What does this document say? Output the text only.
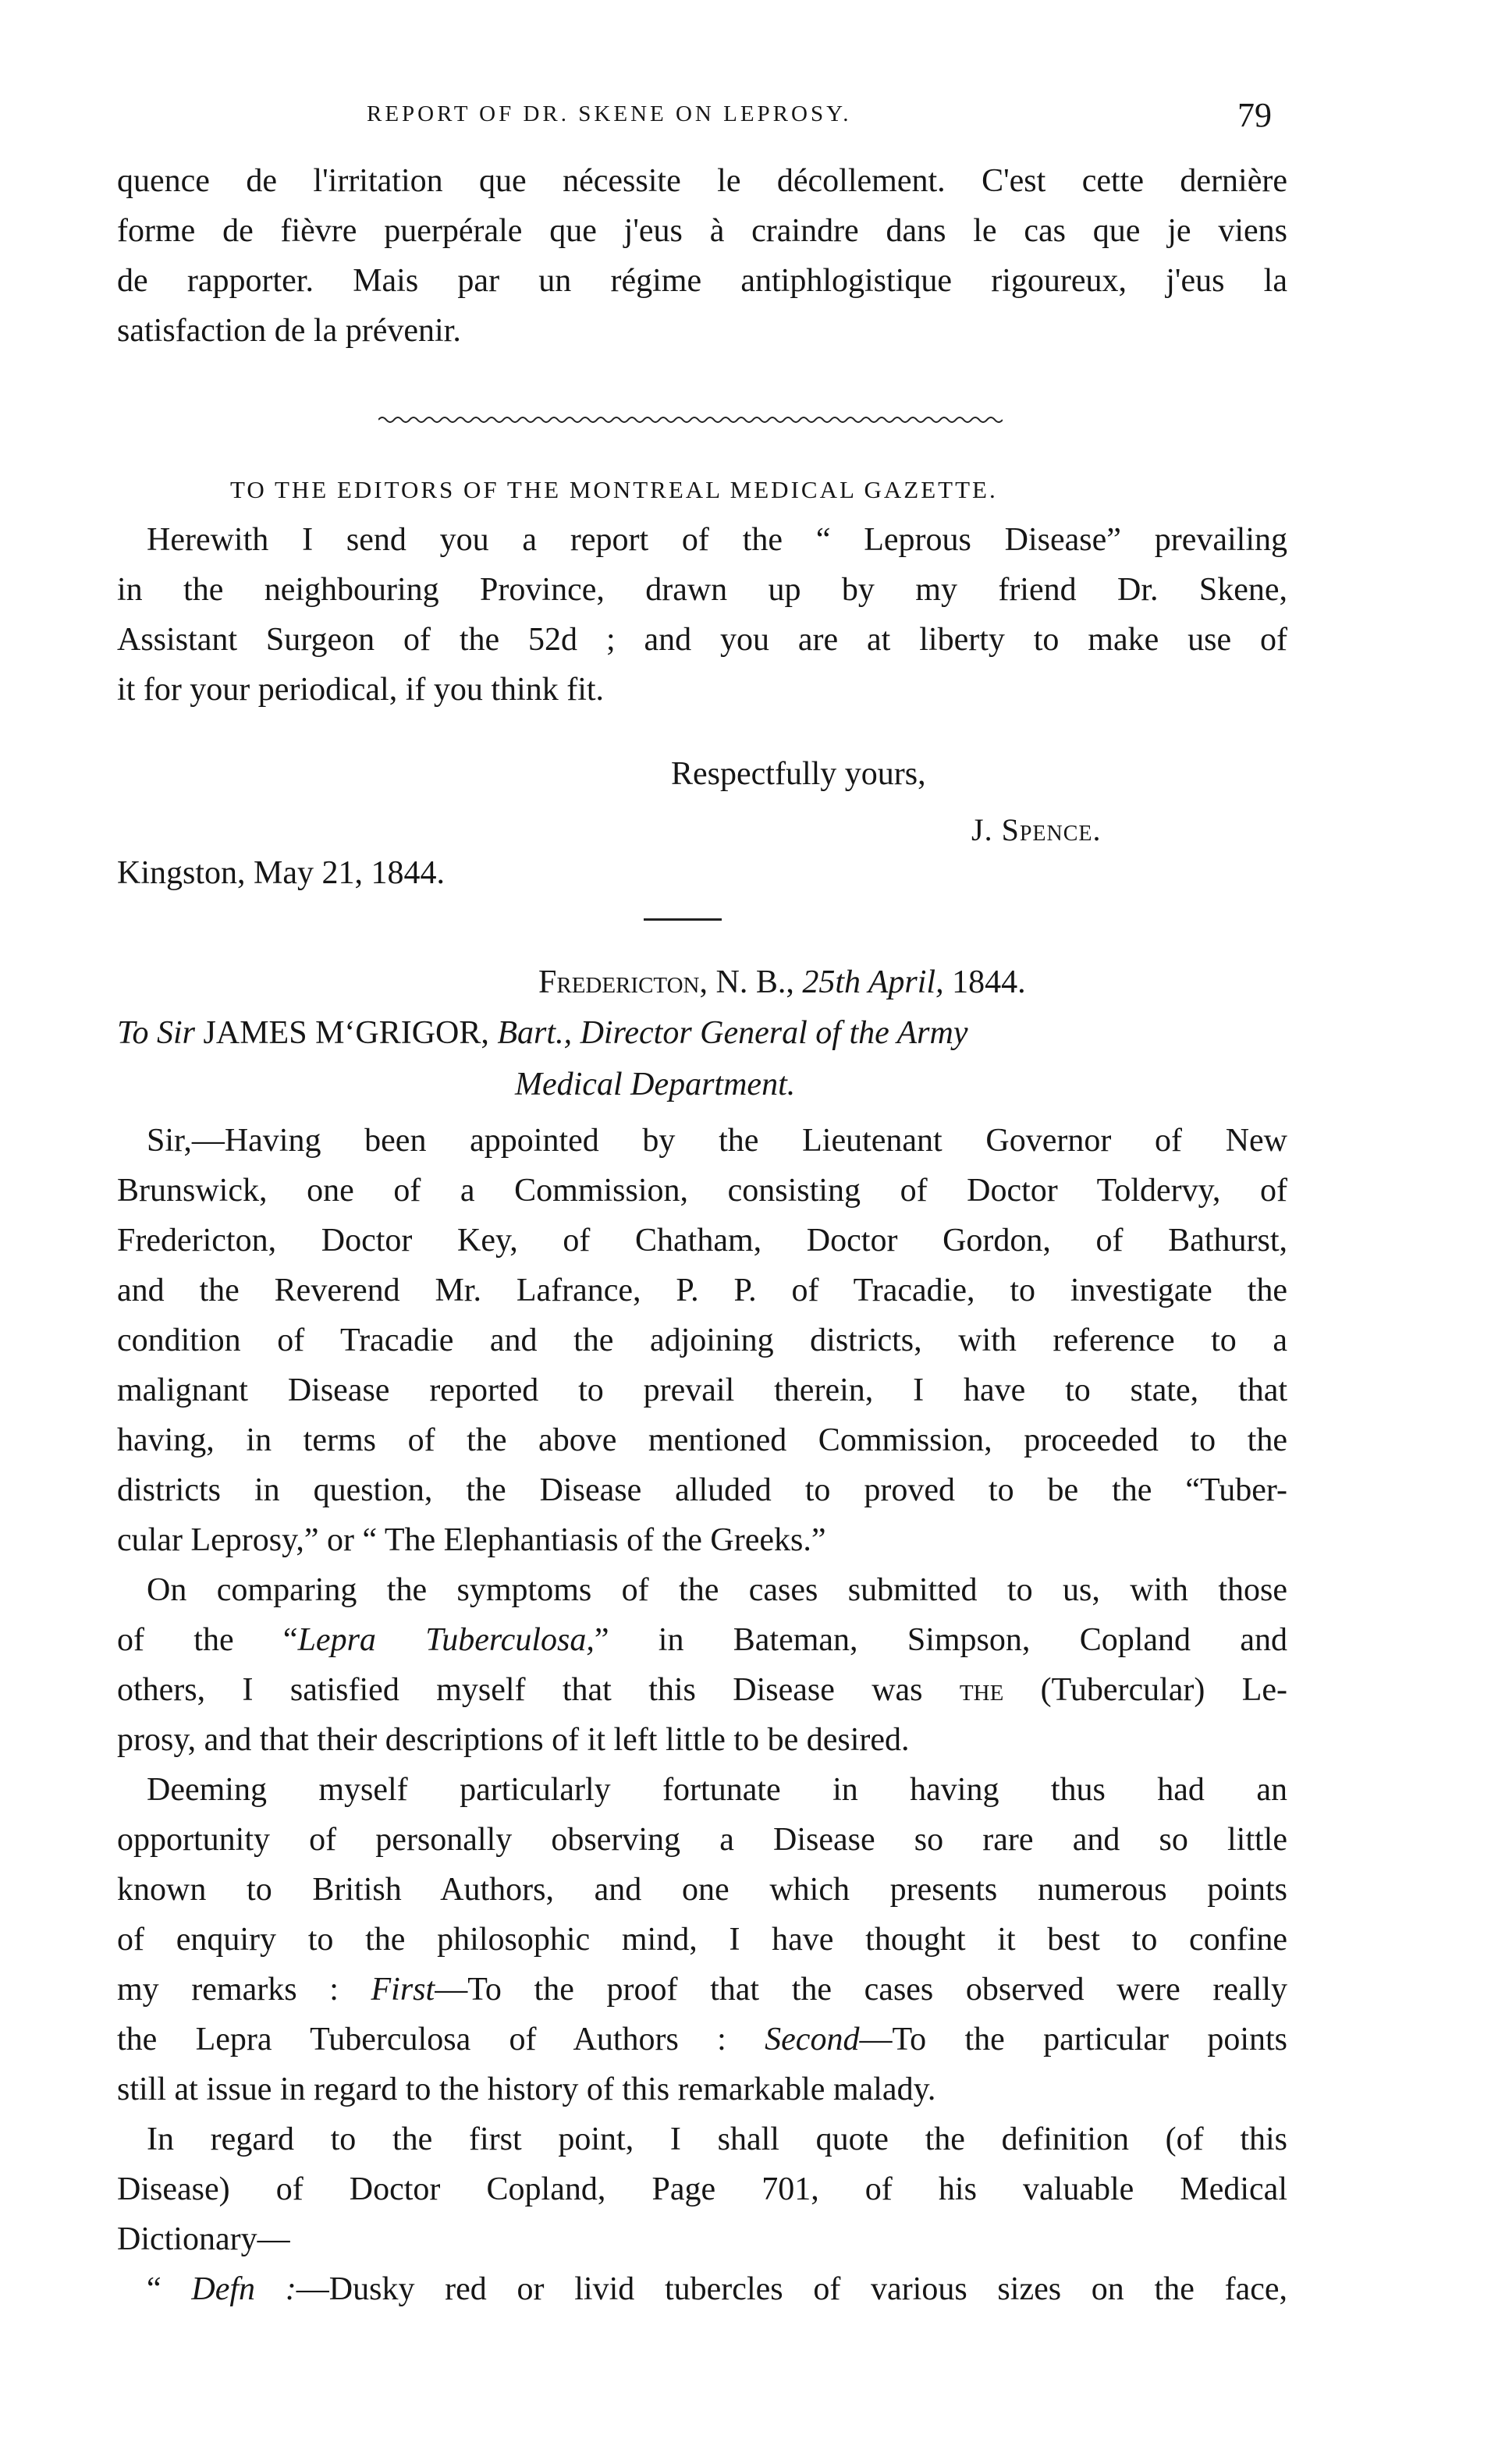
REPORT OF DR. SKENE ON LEPROSY.	79
quence de l'irritation que nécessite le décollement. C'est cette dernière
forme de fièvre puerpérale que j'eus à craindre dans le cas que je viens
de rapporter. Mais par un régime antiphlogistique rigoureux, j'eus la
satisfaction de la prévenir.
TO THE EDITORS OF THE MONTREAL MEDICAL GAZETTE.
Herewith I send you a report of the “ Leprous Disease” prevailing
in the neighbouring Province, drawn up by my friend Dr. Skene,
Assistant Surgeon of the 52d ; and you are at liberty to make use of
it for your periodical, if you think fit.
Respectfully yours,
J. Spence.
Kingston, May 21, 1844.
Fredericton, N. B., 25th April, 1844.
To Sir JAMES M‘GRIGOR, Bart., Director General of the Army
Medical Department.
Sir,—Having been appointed by the Lieutenant Governor of New
Brunswick, one of a Commission, consisting of Doctor Toldervy, of
Fredericton, Doctor Key, of Chatham, Doctor Gordon, of Bathurst,
and the Reverend Mr. Lafrance, P. P. of Tracadie, to investigate the
condition of Tracadie and the adjoining districts, with reference to a
malignant Disease reported to prevail therein, I have to state, that
having, in terms of the above mentioned Commission, proceeded to the
districts in question, the Disease alluded to proved to be the “Tuber-
cular Leprosy,” or “ The Elephantiasis of the Greeks.”
On comparing the symptoms of the cases submitted to us, with those
of the “Lepra Tuberculosa,” in Bateman, Simpson, Copland and
others, I satisfied myself that this Disease was the (Tubercular) Le-
prosy, and that their descriptions of it left little to be desired.
Deeming myself particularly fortunate in having thus had an
opportunity of personally observing a Disease so rare and so little
known to British Authors, and one which presents numerous points
of enquiry to the philosophic mind, I have thought it best to confine
my remarks : First—To the proof that the cases observed were really
the Lepra Tuberculosa of Authors : Second—To the particular points
still at issue in regard to the history of this remarkable malady.
In regard to the first point, I shall quote the definition (of this
Disease) of Doctor Copland, Page 701, of his valuable Medical
Dictionary—
“ Defn :—Dusky red or livid tubercles of various sizes on the face,
